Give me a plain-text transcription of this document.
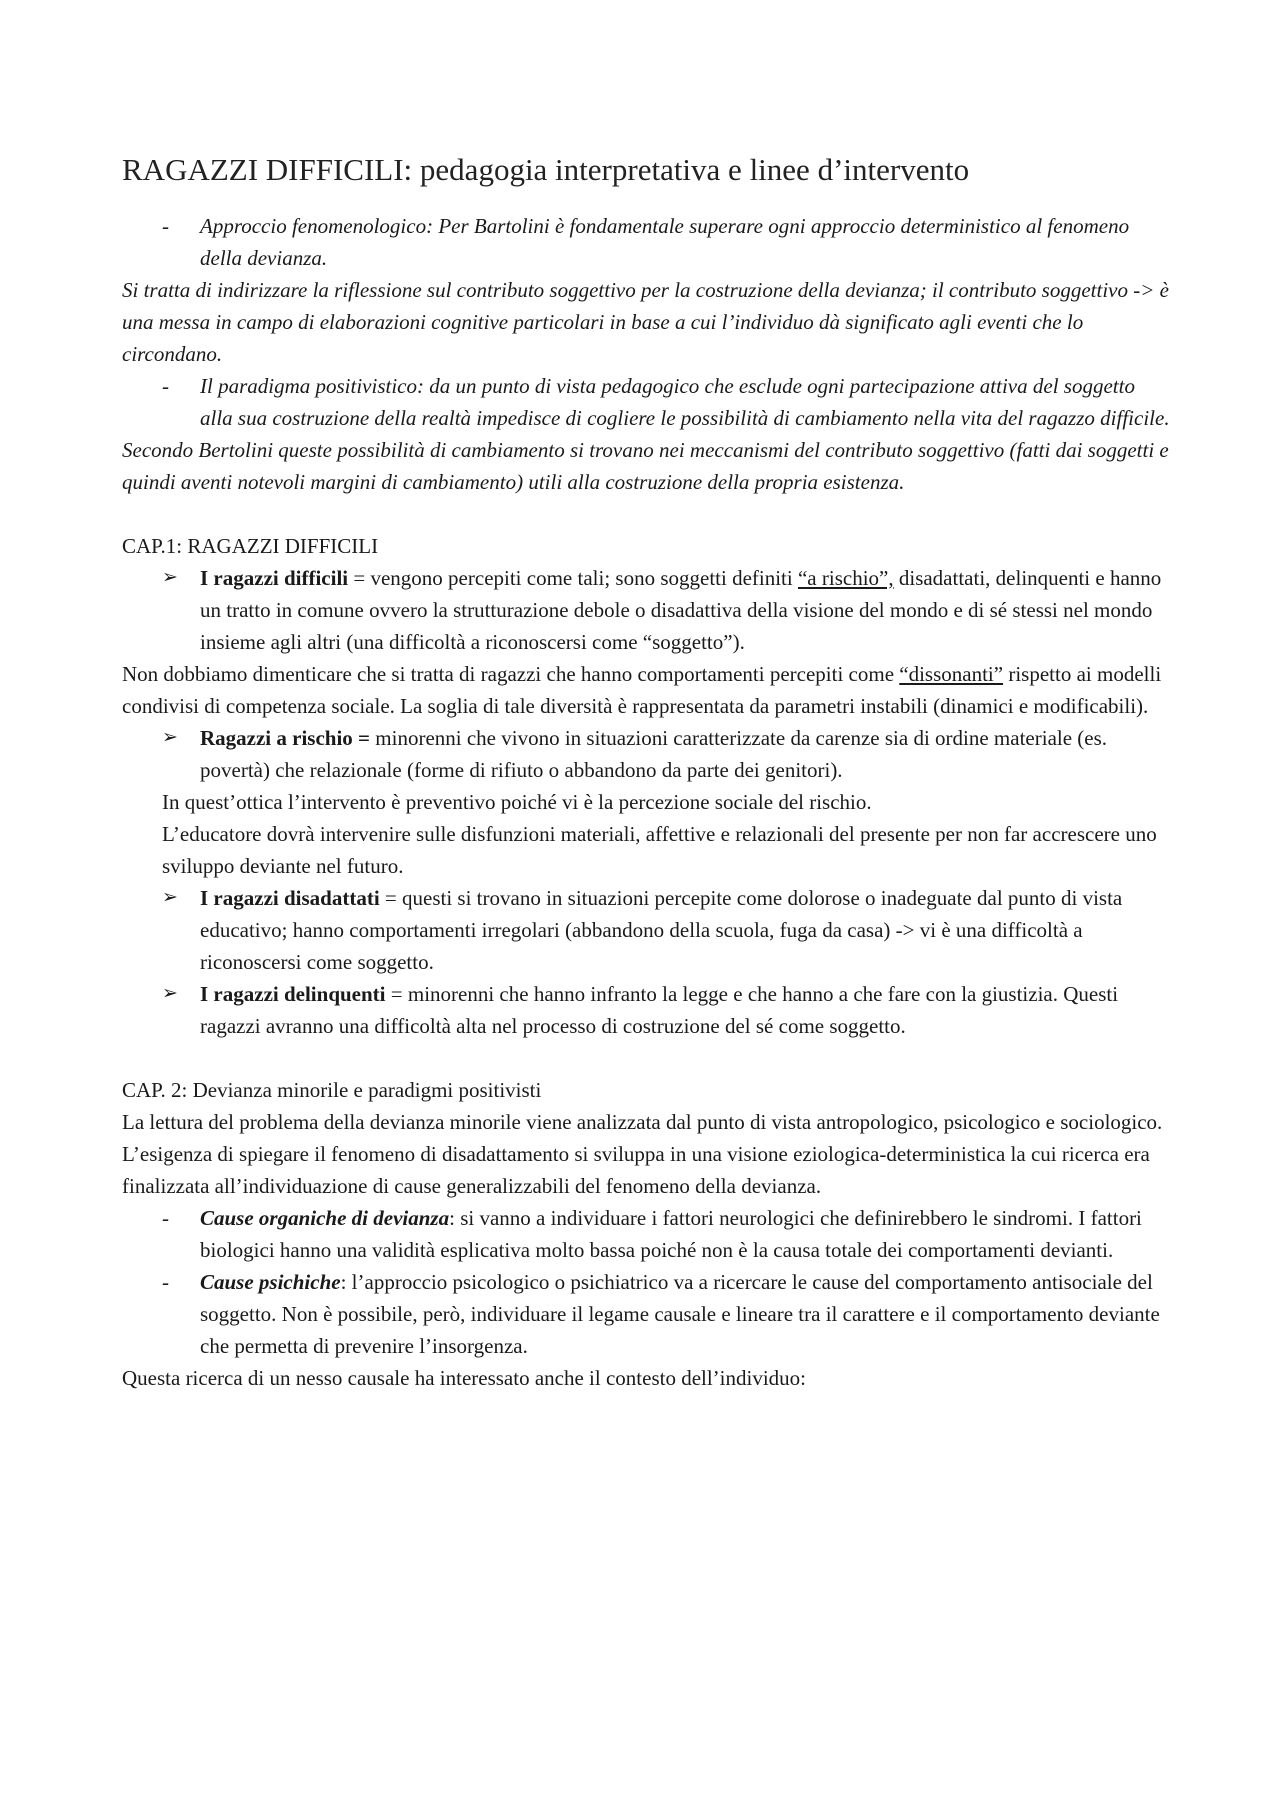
RAGAZZI DIFFICILI: pedagogia interpretativa e linee d’intervento
- Approccio fenomenologico: Per Bartolini è fondamentale superare ogni approccio deterministico al fenomeno della devianza.
Si tratta di indirizzare la riflessione sul contributo soggettivo per la costruzione della devianza; il contributo soggettivo -> è una messa in campo di elaborazioni cognitive particolari in base a cui l’individuo dà significato agli eventi che lo circondano.
- Il paradigma positivistico: da un punto di vista pedagogico che esclude ogni partecipazione attiva del soggetto alla sua costruzione della realtà impedisce di cogliere le possibilità di cambiamento nella vita del ragazzo difficile.
Secondo Bertolini queste possibilità di cambiamento si trovano nei meccanismi del contributo soggettivo (fatti dai soggetti e quindi aventi notevoli margini di cambiamento) utili alla costruzione della propria esistenza.
CAP.1: RAGAZZI DIFFICILI
➢ I ragazzi difficili = vengono percepiti come tali; sono soggetti definiti “a rischio”, disadattati, delinquenti e hanno un tratto in comune ovvero la strutturazione debole o disadattiva della visione del mondo e di sé stessi nel mondo insieme agli altri (una difficoltà a riconoscersi come “soggetto”).
Non dobbiamo dimenticare che si tratta di ragazzi che hanno comportamenti percepiti come “dissonanti” rispetto ai modelli condivisi di competenza sociale. La soglia di tale diversità è rappresentata da parametri instabili (dinamici e modificabili).
➢ Ragazzi a rischio = minorenni che vivono in situazioni caratterizzate da carenze sia di ordine materiale (es. povertà) che relazionale (forme di rifiuto o abbandono da parte dei genitori).
In quest’ottica l’intervento è preventivo poiché vi è la percezione sociale del rischio.
L’educatore dovrà intervenire sulle disfunzioni materiali, affettive e relazionali del presente per non far accrescere uno sviluppo deviante nel futuro.
➢ I ragazzi disadattati = questi si trovano in situazioni percepite come dolorose o inadeguate dal punto di vista educativo; hanno comportamenti irregolari (abbandono della scuola, fuga da casa) -> vi è una difficoltà a riconoscersi come soggetto.
➢ I ragazzi delinquenti = minorenni che hanno infranto la legge e che hanno a che fare con la giustizia. Questi ragazzi avranno una difficoltà alta nel processo di costruzione del sé come soggetto.
CAP. 2: Devianza minorile e paradigmi positivisti
La lettura del problema della devianza minorile viene analizzata dal punto di vista antropologico, psicologico e sociologico. L’esigenza di spiegare il fenomeno di disadattamento si sviluppa in una visione eziologica-deterministica la cui ricerca era finalizzata all’individuazione di cause generalizzabili del fenomeno della devianza.
- Cause organiche di devianza: si vanno a individuare i fattori neurologici che definirebbero le sindromi. I fattori biologici hanno una validità esplicativa molto bassa poiché non è la causa totale dei comportamenti devianti.
- Cause psichiche: l’approccio psicologico o psichiatrico va a ricercare le cause del comportamento antisociale del soggetto. Non è possibile, però, individuare il legame causale e lineare tra il carattere e il comportamento deviante che permetta di prevenire l’insorgenza.
Questa ricerca di un nesso causale ha interessato anche il contesto dell’individuo:
